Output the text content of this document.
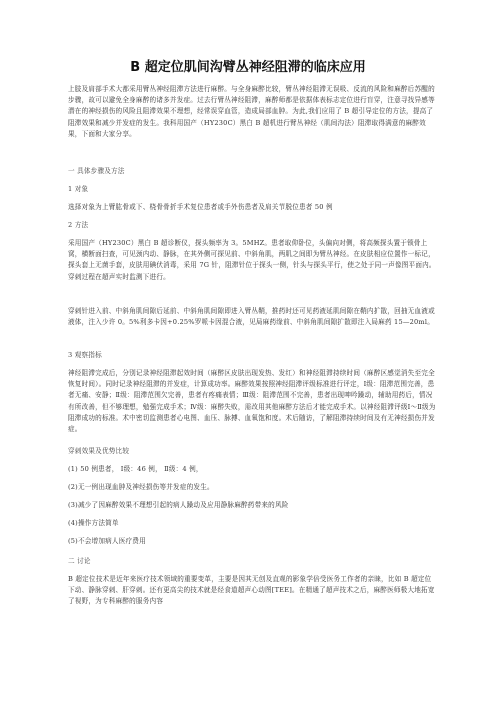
B 超定位肌间沟臂丛神经阻滞的临床应用
上肢及肩部手术大都采用臂丛神经阻滞方法进行麻醉。与全身麻醉比较，臂丛神经阻滞无误吸、反流的风险和麻醉后苏醒的步骤，故可以避免全身麻醉的诸多并发症。过去行臂丛神经阻滞，麻醉师都是依据体表标志定位进行盲穿，注意寻找异感等潜在的神经损伤的风险且阻滞效果不理想，经常误穿血管，造成局部血肿。为此,我们应用了 B 超引导定位的方法，提高了阻滞效果和减少并发症的发生。我科用国产（HY230C）黑白 B 超机进行臂丛神经（肌间沟法）阻滞取得满意的麻醉效果，下面和大家分享。
一 具体步骤及方法
1 对象
选择对象为上臂肱骨或下、桡骨骨折手术复位患者或手外伤患者及肩关节脱位患者 50 例
2 方法
采用国产（HY230C）黑白 B 超诊断仪，探头频率为 3。5MHZ。患者取仰卧位，头偏向对侧，将高频探头置于锁骨上窝，横断面扫查，可见颈内动、静脉，在其外侧可探见前、中斜角肌，两肌之间即为臂丛神经。在皮肤相应位置作一标记，探头套上无菌手套，皮肤用碘伏消毒，采用 7G 针，阻滞针位于探头一侧，针头与探头平行，使之处于同一声像图平面内。穿刺过程在超声实时监测下进行。
穿刺针进入前、中斜角肌间隙后延前、中斜角肌间隙即进入臂丛鞘，推药时还可见药液延肌间隙在鞘内扩散，回抽无血液或液体，注入少许 0。5%利多卡因+0.25%罗哌卡因混合液，见局麻药缘前、中斜角肌间隙扩散即注入局麻药 15—20ml。
3 观察指标
神经阻滞完成后，分别记录神经阻滞起效时间（麻醉区皮肤出现发热、发红）和神经阻滞持续时间（麻醉区感觉消失至完全恢复时间）。同时记录神经阻滞的并发症，计算成功率。麻醉效果按照神经阻滞评级标准进行评定，Ⅰ级：阻滞范围完善，患者无痛、安静；Ⅱ级：阻滞范围欠完善，患者有疼痛表情；Ⅲ级：阻滞范围不完善，患者出现呻吟躁动，辅助用药后，情况有所改善，但不够理想，勉强完成手术；Ⅳ级：麻醉失败，需改用其他麻醉方法后才能完成手术。以神经阻滞评级Ⅰ～Ⅱ级为阻滞成功的标准。术中密切监测患者心电图、血压、脉搏、血氧饱和度。术后随访，了解阻滞持续时间及有无神经损伤并发症。
穿刺效果及优势比较
(1) 50 例患者， Ⅰ级：46 例， Ⅱ级：4 例，
(2)无一例出现血肿及神经损伤等并发症的发生。
(3)减少了因麻醉效果不理想引起的病人躁动及应用静脉麻醉药带来的风险
(4)操作方法简单
(5)不会增加病人医疗费用
二 讨论
B 超定位技术是近年来医疗技术领域的重要变革，主要是因其无创及直观的影象学倍受医务工作者的亲睐，比如 B 超定位下动、静脉穿刺、肝穿刺。还有更高尖的技术就是经食道超声心动图[TEE]。在精通了超声技术之后，麻醉医师极大地拓宽了视野，为专科麻醉的服务内容
